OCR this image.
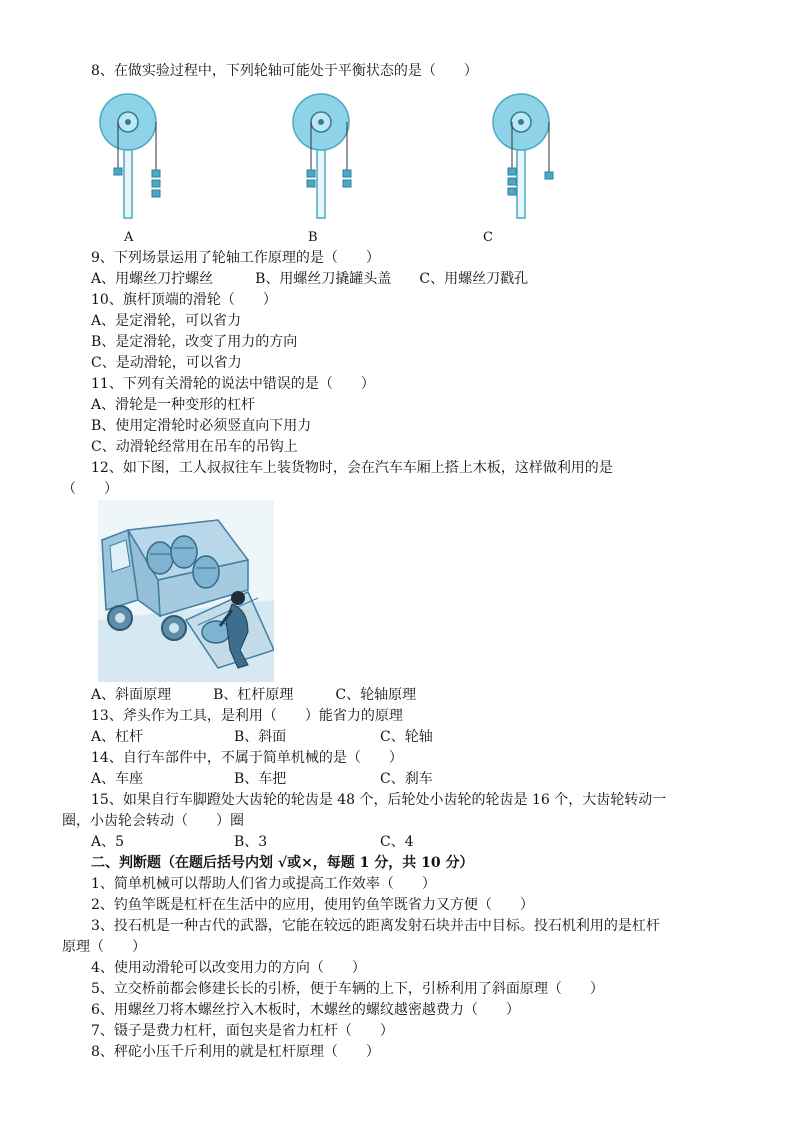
8、在做实验过程中，下列轮轴可能处于平衡状态的是（　　）
A	B	C
9、下列场景运用了轮轴工作原理的是（　　）
A、用螺丝刀拧螺丝　　　B、用螺丝刀撬罐头盖　　C、用螺丝刀戳孔
10、旗杆顶端的滑轮（　　）
A、是定滑轮，可以省力
B、是定滑轮，改变了用力的方向
C、是动滑轮，可以省力
11、下列有关滑轮的说法中错误的是（　　）
A、滑轮是一种变形的杠杆
B、使用定滑轮时必须竖直向下用力
C、动滑轮经常用在吊车的吊钩上
12、如下图，工人叔叔往车上装货物时，会在汽车车厢上搭上木板，这样做利用的是
（　　）
A、斜面原理　　　B、杠杆原理　　　C、轮轴原理
13、斧头作为工具，是利用（　　）能省力的原理
A、杠杆	B、斜面	C、轮轴
14、自行车部件中，不属于简单机械的是（　　）
A、车座	B、车把	C、刹车
15、如果自行车脚蹬处大齿轮的轮齿是 48 个，后轮处小齿轮的轮齿是 16 个，大齿轮转动一
圈，小齿轮会转动（　　）圈
A、5	B、3	C、4
二、判断题（在题后括号内划 √或×，每题 1 分，共 10 分）
1、简单机械可以帮助人们省力或提高工作效率（　　）
2、钓鱼竿既是杠杆在生活中的应用，使用钓鱼竿既省力又方便（　　）
3、投石机是一种古代的武器，它能在较远的距离发射石块并击中目标。投石机利用的是杠杆
原理（　　）
4、使用动滑轮可以改变用力的方向（　　）
5、立交桥前都会修建长长的引桥，便于车辆的上下，引桥利用了斜面原理（　　）
6、用螺丝刀将木螺丝拧入木板时，木螺丝的螺纹越密越费力（　　）
7、镊子是费力杠杆，面包夹是省力杠杆（　　）
8、秤砣小压千斤利用的就是杠杆原理（　　）
